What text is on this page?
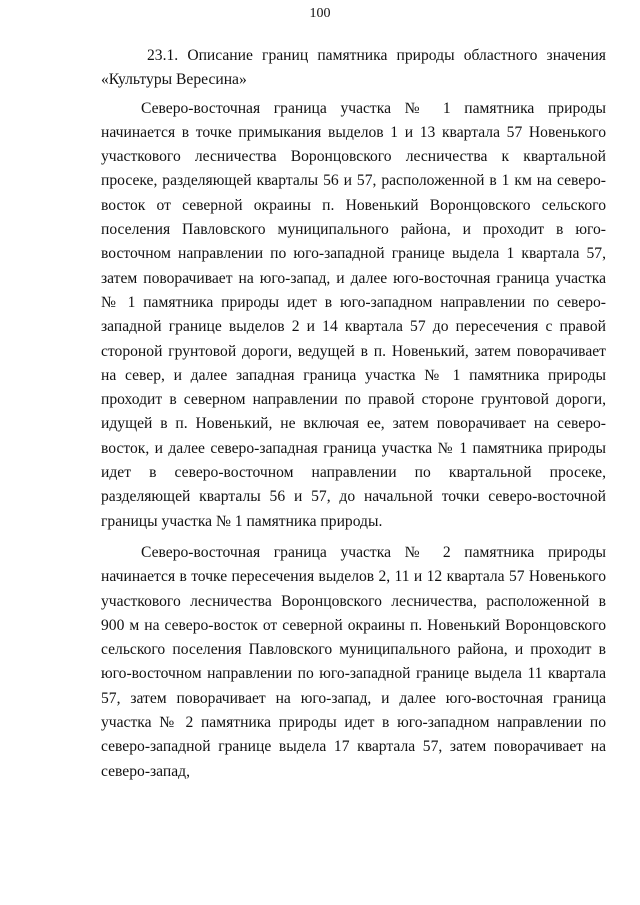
100

23.1. Описание границ памятника природы областного значения «Культуры Вересина»

Северо-восточная граница участка № 1 памятника природы начинается в точке примыкания выделов 1 и 13 квартала 57 Новенького участкового лесничества Воронцовского лесничества к квартальной просеке, разделяющей кварталы 56 и 57, расположенной в 1 км на северо-восток от северной окраины п. Новенький Воронцовского сельского поселения Павловского муниципального района, и проходит в юго-восточном направлении по юго-западной границе выдела 1 квартала 57, затем поворачивает на юго-запад, и далее юго-восточная граница участка № 1 памятника природы идет в юго-западном направлении по северо-западной границе выделов 2 и 14 квартала 57 до пересечения с правой стороной грунтовой дороги, ведущей в п. Новенький, затем поворачивает на север, и далее западная граница участка № 1 памятника природы проходит в северном направлении по правой стороне грунтовой дороги, идущей в п. Новенький, не включая ее, затем поворачивает на северо-восток, и далее северо-западная граница участка № 1 памятника природы идет в северо-восточном направлении по квартальной просеке, разделяющей кварталы 56 и 57, до начальной точки северо-восточной границы участка № 1 памятника природы.

Северо-восточная граница участка № 2 памятника природы начинается в точке пересечения выделов 2, 11 и 12 квартала 57 Новенького участкового лесничества Воронцовского лесничества, расположенной в 900 м на северо-восток от северной окраины п. Новенький Воронцовского сельского поселения Павловского муниципального района, и проходит в юго-восточном направлении по юго-западной границе выдела 11 квартала 57, затем поворачивает на юго-запад, и далее юго-восточная граница участка № 2 памятника природы идет в юго-западном направлении по северо-западной границе выдела 17 квартала 57, затем поворачивает на северо-запад,
